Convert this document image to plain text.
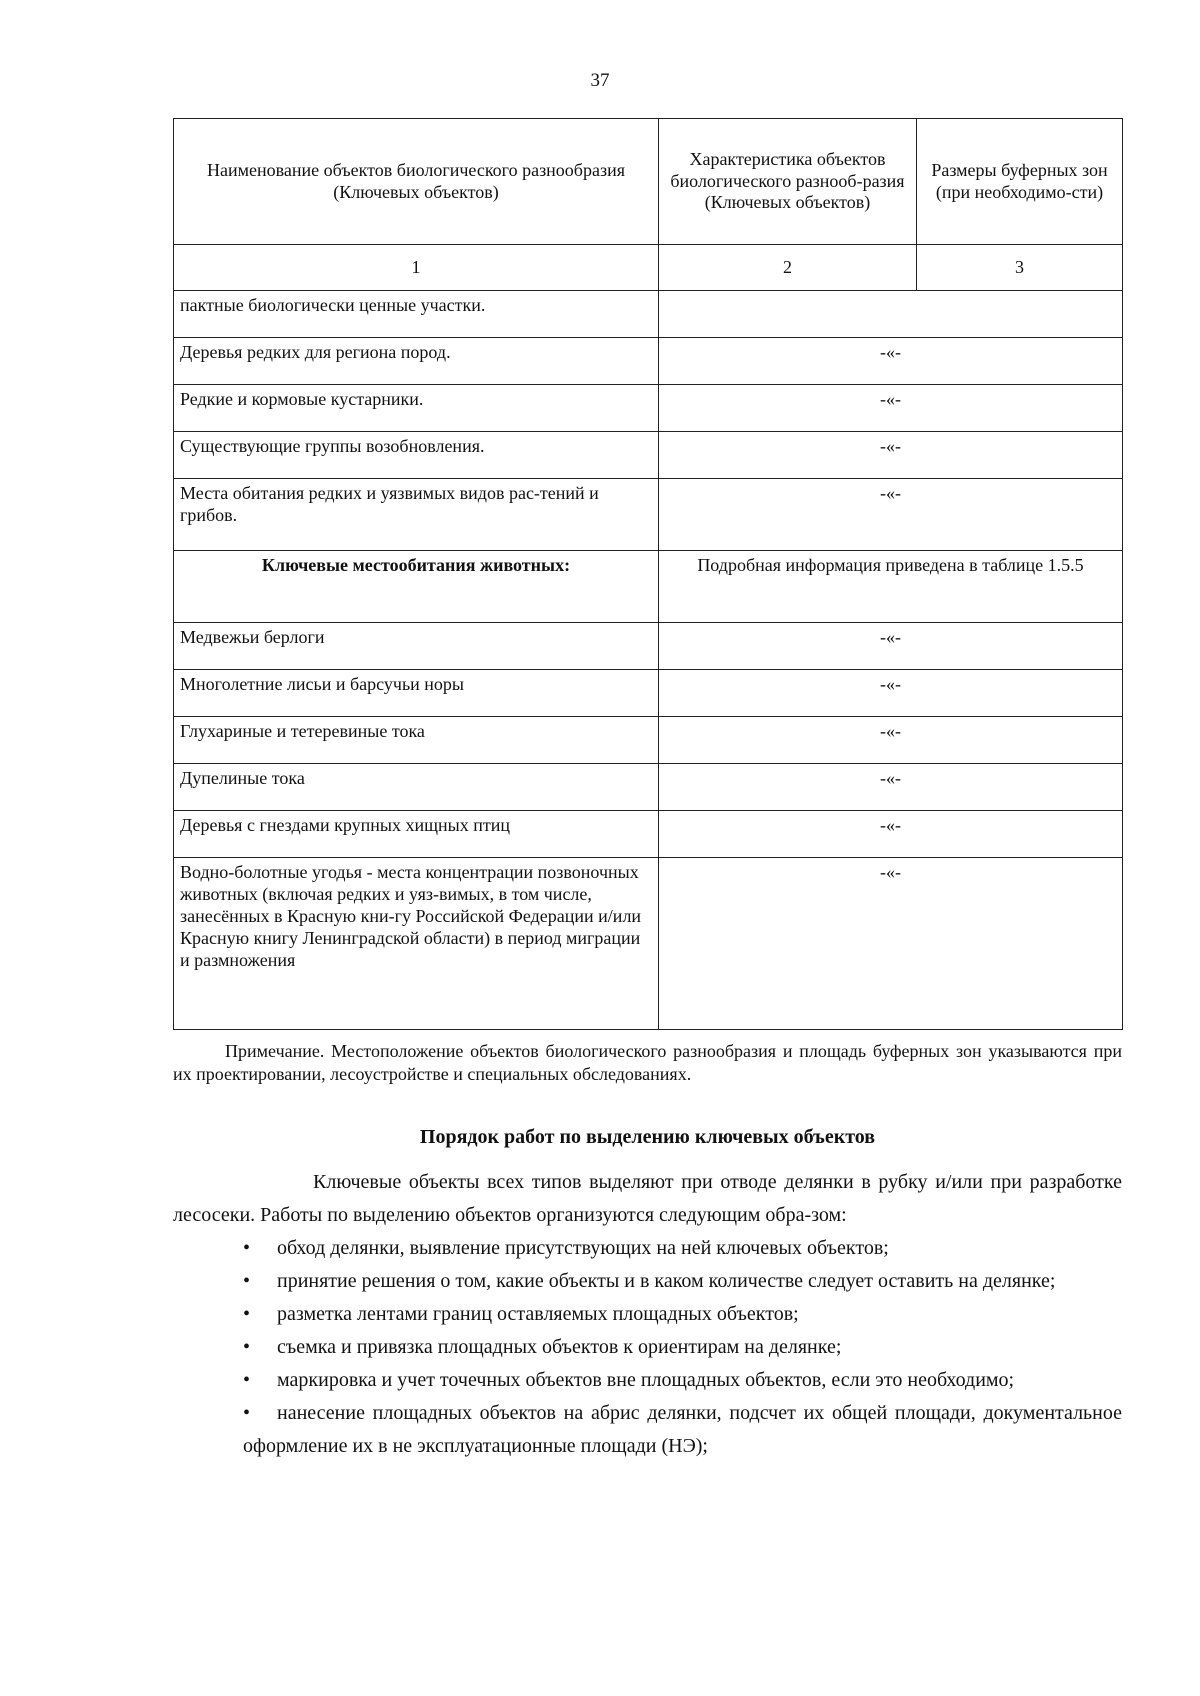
37
Наименование объектов биологического разнообразия (Ключевых объектов)	Характеристика объектов биологического разнооб-разия (Ключевых объектов)	Размеры буферных зон (при необходимо-сти)
1	2	3
пактные биологически ценные участки.		
Деревья редких для региона пород.	-«-	
Редкие и кормовые кустарники.	-«-	
Существующие группы возобновления.	-«-	
Места обитания редких и уязвимых видов рас-тений и грибов.	-«-	
Ключевые местообитания животных:	Подробная информация приведена в таблице 1.5.5	
Медвежьи берлоги	-«-	
Многолетние лисьи и барсучьи норы	-«-	
Глухариные и тетеревиные тока	-«-	
Дупелиные тока	-«-	
Деревья с гнездами крупных хищных птиц	-«-	
Водно-болотные угодья - места концентрации позвоночных животных (включая редких и уяз-вимых, в том числе, занесённых в Красную кни-гу Российской Федерации и/или Красную книгу Ленинградской области) в период миграции и размножения	-«-	
Примечание. Местоположение объектов биологического разнообразия и площадь буферных зон указываются при их проектировании, лесоустройстве и специальных обследованиях.
Порядок работ по выделению ключевых объектов

Ключевые объекты всех типов выделяют при отводе делянки в рубку и/или при разработке лесосеки. Работы по выделению объектов организуются следующим обра-зом:

• обход делянки, выявление присутствующих на ней ключевых объектов;

• принятие решения о том, какие объекты и в каком количестве следует оставить на делянке;

• разметка лентами границ оставляемых площадных объектов;

• съемка и привязка площадных объектов к ориентирам на делянке;

• маркировка и учет точечных объектов вне площадных объектов, если это необходимо;

• нанесение площадных объектов на абрис делянки, подсчет их общей площади, документальное оформление их в не эксплуатационные площади (НЭ);
